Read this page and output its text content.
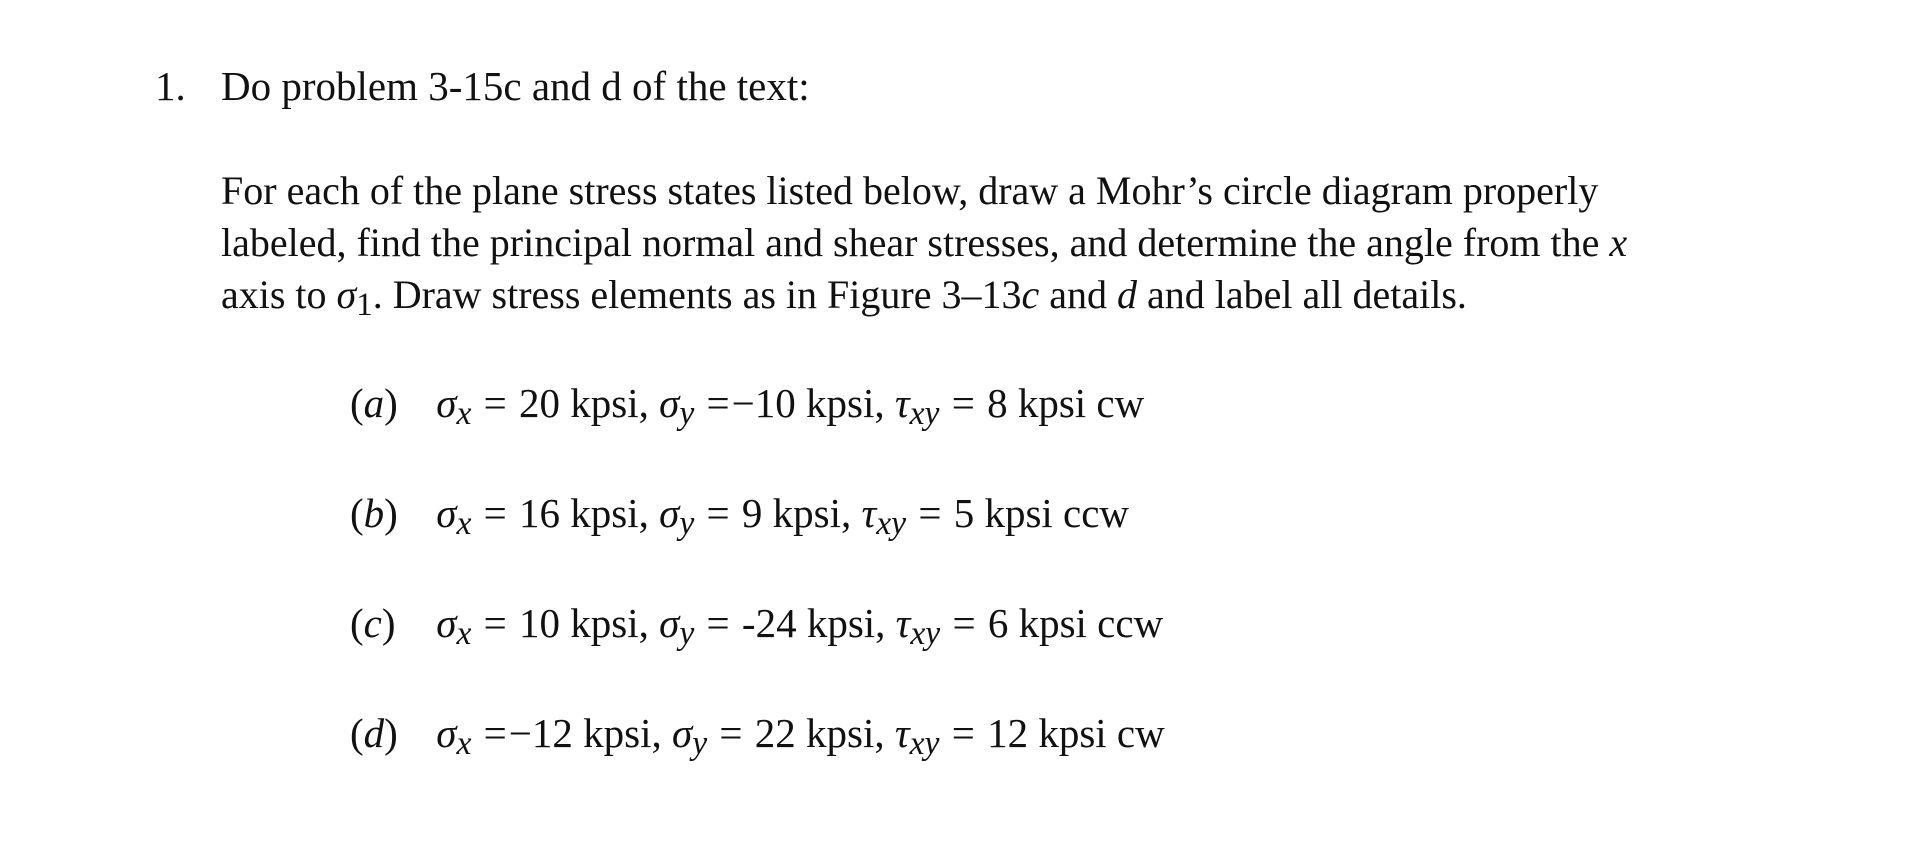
1. Do problem 3-15c and d of the text:
For each of the plane stress states listed below, draw a Mohr’s circle diagram properly
labeled, find the principal normal and shear stresses, and determine the angle from the x
axis to σ1. Draw stress elements as in Figure 3–13c and d and label all details.
(a) σx = 20 kpsi, σy =−10 kpsi, τxy = 8 kpsi cw
(b) σx = 16 kpsi, σy = 9 kpsi, τxy = 5 kpsi ccw
(c) σx = 10 kpsi, σy = -24 kpsi, τxy = 6 kpsi ccw
(d) σx =−12 kpsi, σy = 22 kpsi, τxy = 12 kpsi cw
